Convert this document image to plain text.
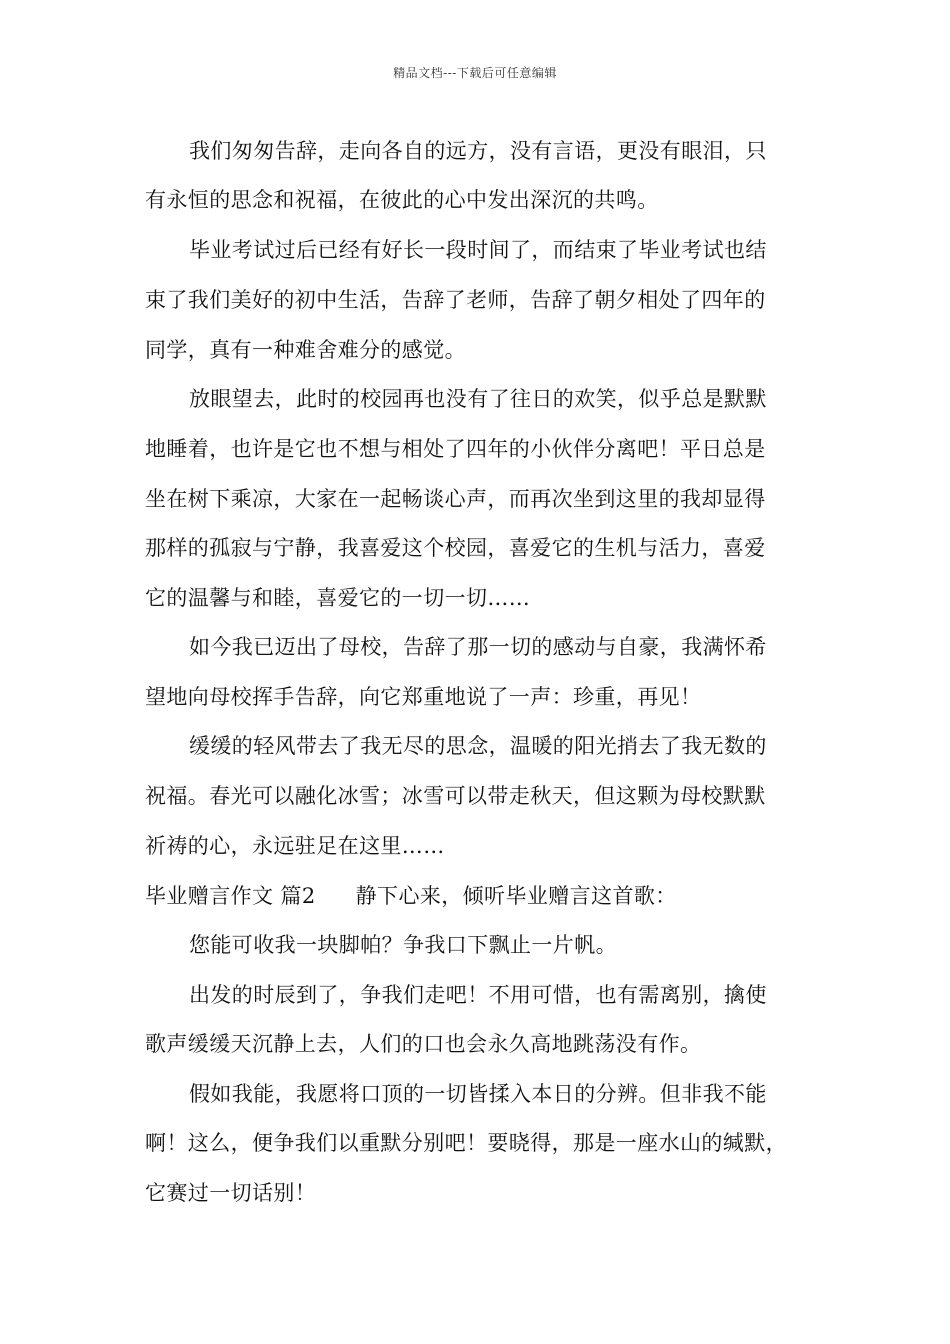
精品文档---下载后可任意编辑
我们匆匆告辞，走向各自的远方，没有言语，更没有眼泪，只
有永恒的思念和祝福，在彼此的心中发出深沉的共鸣。
毕业考试过后已经有好长一段时间了，而结束了毕业考试也结
束了我们美好的初中生活，告辞了老师，告辞了朝夕相处了四年的
同学，真有一种难舍难分的感觉。
放眼望去，此时的校园再也没有了往日的欢笑，似乎总是默默
地睡着，也许是它也不想与相处了四年的小伙伴分离吧！平日总是
坐在树下乘凉，大家在一起畅谈心声，而再次坐到这里的我却显得
那样的孤寂与宁静，我喜爱这个校园，喜爱它的生机与活力，喜爱
它的温馨与和睦，喜爱它的一切一切……
如今我已迈出了母校，告辞了那一切的感动与自豪，我满怀希
望地向母校挥手告辞，向它郑重地说了一声：珍重，再见！
缓缓的轻风带去了我无尽的思念，温暖的阳光捎去了我无数的
祝福。春光可以融化冰雪；冰雪可以带走秋天，但这颗为母校默默
祈祷的心，永远驻足在这里……
毕业赠言作文 篇2 静下心来，倾听毕业赠言这首歌：
您能可收我一块脚帕？争我口下飘止一片帆。
出发的时辰到了，争我们走吧！不用可惜，也有需离别，擒使
歌声缓缓天沉静上去，人们的口也会永久高地跳荡没有作。
假如我能，我愿将口顶的一切皆揉入本日的分辨。但非我不能
啊！这么，便争我们以重默分别吧！要晓得，那是一座水山的缄默，
它赛过一切话别！
